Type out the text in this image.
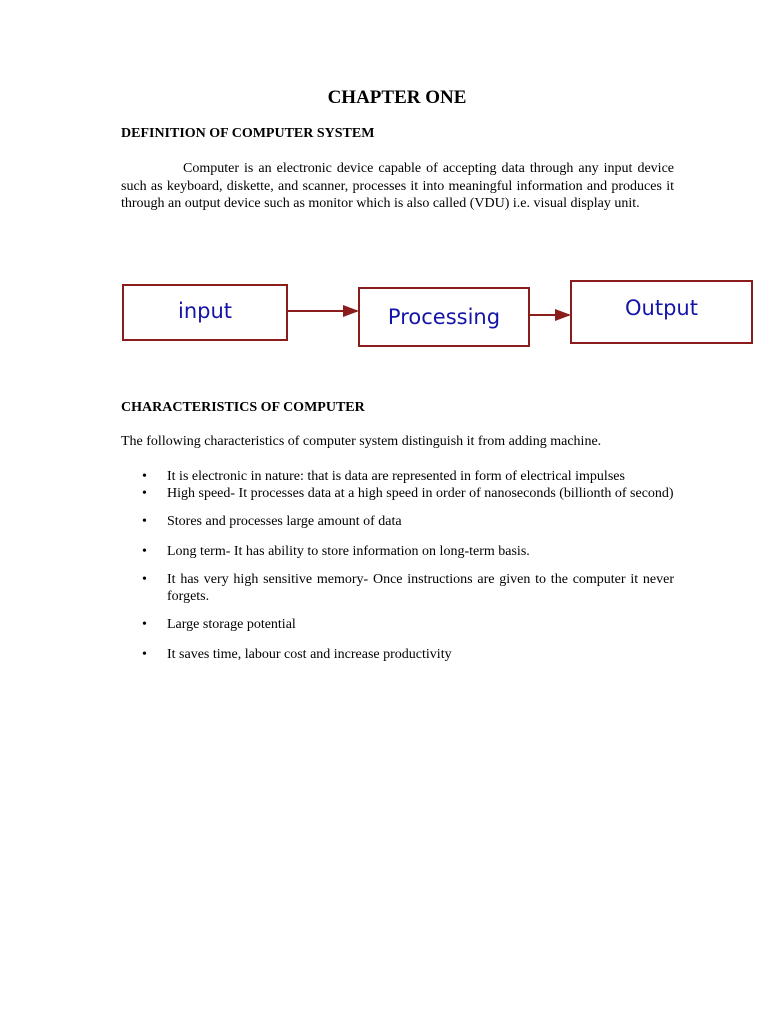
CHAPTER ONE
DEFINITION OF COMPUTER SYSTEM

Computer is an electronic device capable of accepting data through any input device such as keyboard, diskette, and scanner, processes it into meaningful information and produces it through an output device such as monitor which is also called (VDU) i.e. visual display unit.

input	Processing	Output
CHARACTERISTICS OF COMPUTER

The following characteristics of computer system distinguish it from adding machine.

• It is electronic in nature: that is data are represented in form of electrical impulses
• High speed- It processes data at a high speed in order of nanoseconds (billionth of second)
• Stores and processes large amount of data
• Long term- It has ability to store information on long-term basis.
• It has very high sensitive memory- Once instructions are given to the computer it never forgets.
• Large storage potential
• It saves time, labour cost and increase productivity
